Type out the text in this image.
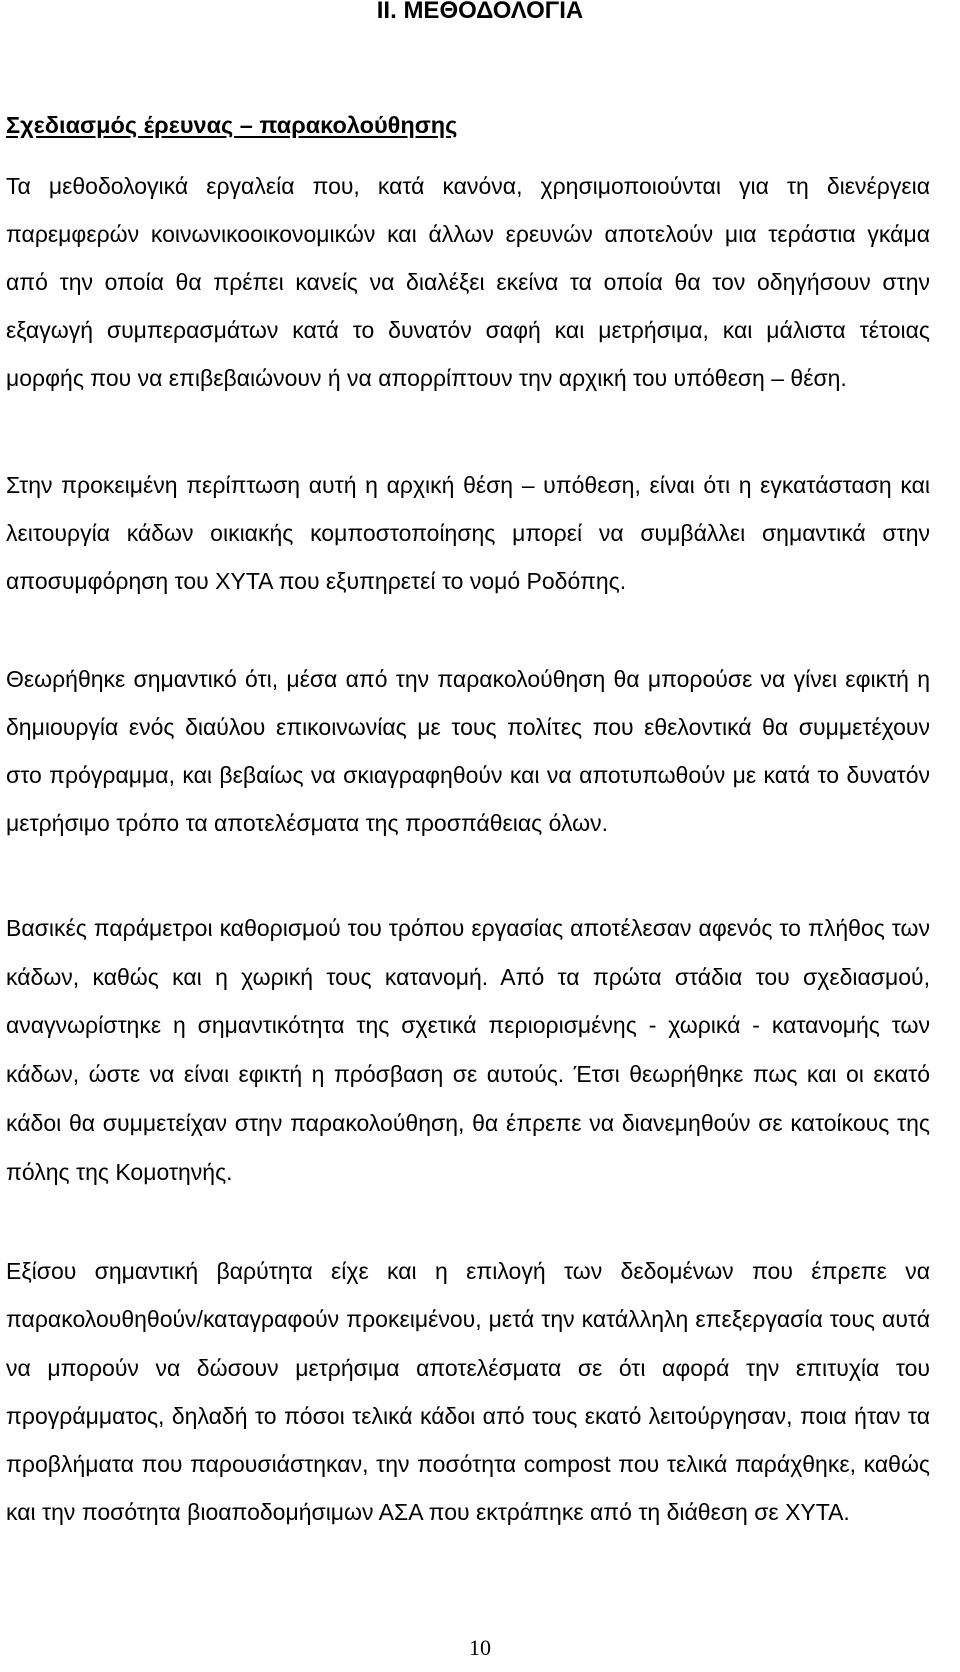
ΙΙ. ΜΕΘΟΔΟΛΟΓΙΑ
Σχεδιασμός έρευνας – παρακολούθησης

Τα μεθοδολογικά εργαλεία που, κατά κανόνα, χρησιμοποιούνται για τη διενέργεια παρεμφερών κοινωνικοοικονομικών και άλλων ερευνών αποτελούν μια τεράστια γκάμα από την οποία θα πρέπει κανείς να διαλέξει εκείνα τα οποία θα τον οδηγήσουν στην εξαγωγή συμπερασμάτων κατά το δυνατόν σαφή και μετρήσιμα, και μάλιστα τέτοιας μορφής που να επιβεβαιώνουν ή να απορρίπτουν την αρχική του υπόθεση – θέση.

Στην προκειμένη περίπτωση αυτή η αρχική θέση – υπόθεση, είναι ότι η εγκατάσταση και λειτουργία κάδων οικιακής κομποστοποίησης μπορεί να συμβάλλει σημαντικά στην αποσυμφόρηση του ΧΥΤΑ που εξυπηρετεί το νομό Ροδόπης.

Θεωρήθηκε σημαντικό ότι, μέσα από την παρακολούθηση θα μπορούσε να γίνει εφικτή η δημιουργία ενός διαύλου επικοινωνίας με τους πολίτες που εθελοντικά θα συμμετέχουν στο πρόγραμμα, και βεβαίως να σκιαγραφηθούν και να αποτυπωθούν με κατά το δυνατόν μετρήσιμο τρόπο τα αποτελέσματα της προσπάθειας όλων.

Βασικές παράμετροι καθορισμού του τρόπου εργασίας αποτέλεσαν αφενός το πλήθος των κάδων, καθώς και η χωρική τους κατανομή. Από τα πρώτα στάδια του σχεδιασμού, αναγνωρίστηκε η σημαντικότητα της σχετικά περιορισμένης - χωρικά - κατανομής των κάδων, ώστε να είναι εφικτή η πρόσβαση σε αυτούς. Έτσι θεωρήθηκε πως και οι εκατό κάδοι θα συμμετείχαν στην παρακολούθηση, θα έπρεπε να διανεμηθούν σε κατοίκους της πόλης της Κομοτηνής.

Εξίσου σημαντική βαρύτητα είχε και η επιλογή των δεδομένων που έπρεπε να παρακολουθηθούν/καταγραφούν προκειμένου, μετά την κατάλληλη επεξεργασία τους αυτά να μπορούν να δώσουν μετρήσιμα αποτελέσματα σε ότι αφορά την επιτυχία του προγράμματος, δηλαδή το πόσοι τελικά κάδοι από τους εκατό λειτούργησαν, ποια ήταν τα προβλήματα που παρουσιάστηκαν, την ποσότητα compost που τελικά παράχθηκε, καθώς και την ποσότητα βιοαποδομήσιμων ΑΣΑ που εκτράπηκε από τη διάθεση σε ΧΥΤΑ.

10
